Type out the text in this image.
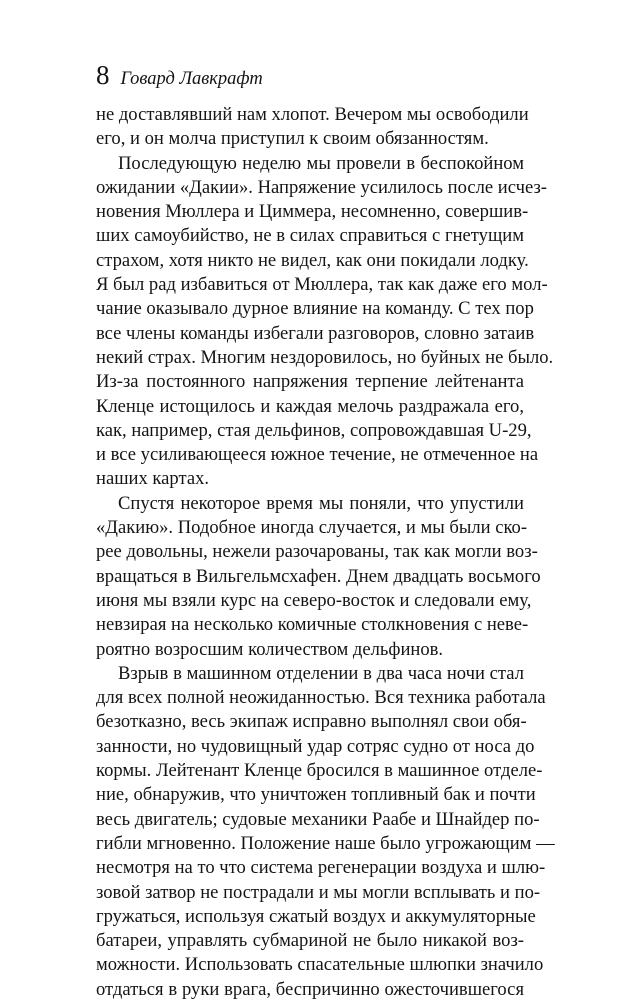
8 Говард Лавкрафт
не доставлявший нам хлопот. Вечером мы освободили
его, и он молча приступил к своим обязанностям.
Последующую неделю мы провели в беспокойном
ожидании «Дакии». Напряжение усилилось после исчез-
новения Мюллера и Циммера, несомненно, совершив-
ших самоубийство, не в силах справиться с гнетущим
страхом, хотя никто не видел, как они покидали лодку.
Я был рад избавиться от Мюллера, так как даже его мол-
чание оказывало дурное влияние на команду. С тех пор
все члены команды избегали разговоров, словно затаив
некий страх. Многим нездоровилось, но буйных не было.
Из-за постоянного напряжения терпение лейтенанта
Кленце истощилось и каждая мелочь раздражала его,
как, например, стая дельфинов, сопровождавшая U-29,
и все усиливающееся южное течение, не отмеченное на
наших картах.
Спустя некоторое время мы поняли, что упустили
«Дакию». Подобное иногда случается, и мы были ско-
рее довольны, нежели разочарованы, так как могли воз-
вращаться в Вильгельмсхафен. Днем двадцать восьмого
июня мы взяли курс на северо-восток и следовали ему,
невзирая на несколько комичные столкновения с неве-
роятно возросшим количеством дельфинов.
Взрыв в машинном отделении в два часа ночи стал
для всех полной неожиданностью. Вся техника работала
безотказно, весь экипаж исправно выполнял свои обя-
занности, но чудовищный удар сотряс судно от носа до
кормы. Лейтенант Кленце бросился в машинное отделе-
ние, обнаружив, что уничтожен топливный бак и почти
весь двигатель; судовые механики Раабе и Шнайдер по-
гибли мгновенно. Положение наше было угрожающим —
несмотря на то что система регенерации воздуха и шлю-
зовой затвор не пострадали и мы могли всплывать и по-
гружаться, используя сжатый воздух и аккумуляторные
батареи, управлять субмариной не было никакой воз-
можности. Использовать спасательные шлюпки значило
отдаться в руки врага, беспричинно ожесточившегося
